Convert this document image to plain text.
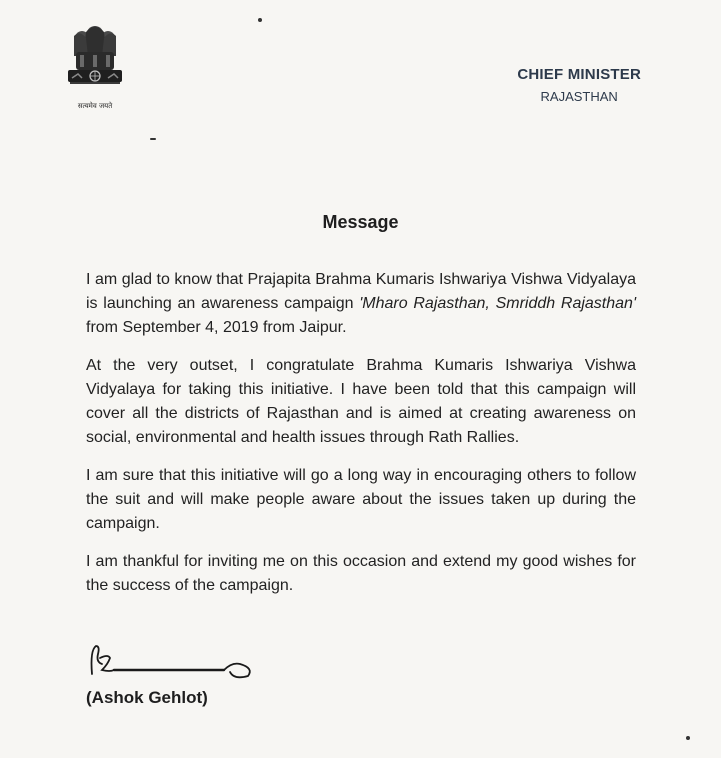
सत्यमेव जयते
CHIEF MINISTER
RAJASTHAN
Message

I am glad to know that Prajapita Brahma Kumaris Ishwariya Vishwa Vidyalaya is launching an awareness campaign 'Mharo Rajasthan, Smriddh Rajasthan' from September 4, 2019 from Jaipur.

At the very outset, I congratulate Brahma Kumaris Ishwariya Vishwa Vidyalaya for taking this initiative. I have been told that this campaign will cover all the districts of Rajasthan and is aimed at creating awareness on social, environmental and health issues through Rath Rallies.

I am sure that this initiative will go a long way in encouraging others to follow the suit and will make people aware about the issues taken up during the campaign.

I am thankful for inviting me on this occasion and extend my good wishes for the success of the campaign.

(Ashok Gehlot)
